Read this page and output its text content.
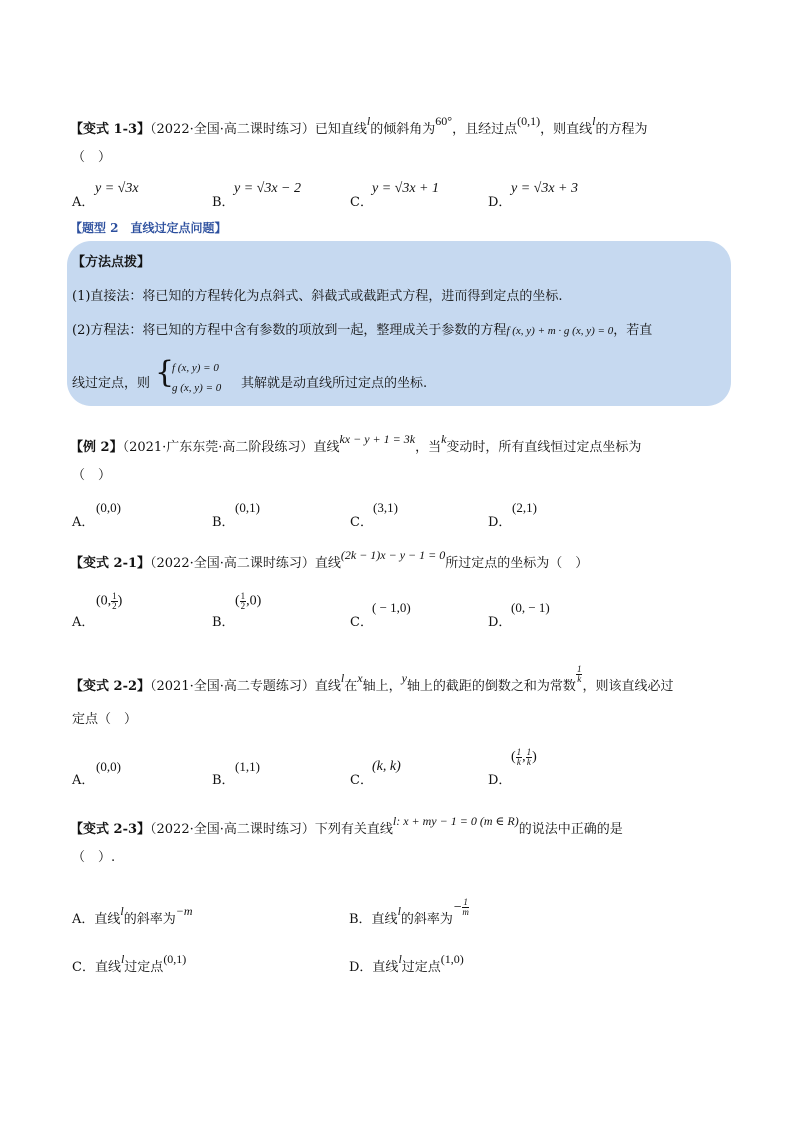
【变式 1-3】（2022·全国·高二课时练习）已知直线l的倾斜角为60°，且经过点(0,1)，则直线l的方程为
（　）
A．
y = √3x
B．
y = √3x − 2
C．
y = √3x + 1
D．
y = √3x + 3
【题型 2　直线过定点问题】
【方法点拨】
(1)直接法：将已知的方程转化为点斜式、斜截式或截距式方程，进而得到定点的坐标.
(2)方程法：将已知的方程中含有参数的项放到一起，整理成关于参数的方程f (x, y) + m · g (x, y) = 0，若直
线过定点，则 {
f (x, y) = 0
g (x, y) = 0 其解就是动直线所过定点的坐标.
【例 2】（2021·广东东莞·高二阶段练习）直线kx − y + 1 = 3k，当k变动时，所有直线恒过定点坐标为
（　）
A．
(0,0)
B．
(0,1)
C．
(3,1)
D．
(2,1)
【变式 2-1】（2022·全国·高二课时练习）直线(2k − 1)x − y − 1 = 0所过定点的坐标为（　）
A．
(0, $\frac{1}{2}$ )
B．
( $\frac{1}{2} ,0$)
C．
( − 1,0)
D．
(0, − 1)
【变式 2-2】（2021·全国·高二专题练习）直线l在x轴上，y轴上的截距的倒数之和为常数
$\frac{1}{k}$
，则该直线必过
定点（　）
A．
(0,0)
B．
(1,1)
C．
(k, k)
D．
( $\frac{1}{k}$ , $\frac{1}{k}$ )
【变式 2-3】（2022·全国·高二课时练习）下列有关直线l: x + my − 1 = 0 (m ∈ R)的说法中正确的是
（　）.
A．直线l的斜率为−m
B．直线l的斜率为− $\frac{1}{m}$
C．直线l过定点(0,1)
D．直线l过定点(1,0)
